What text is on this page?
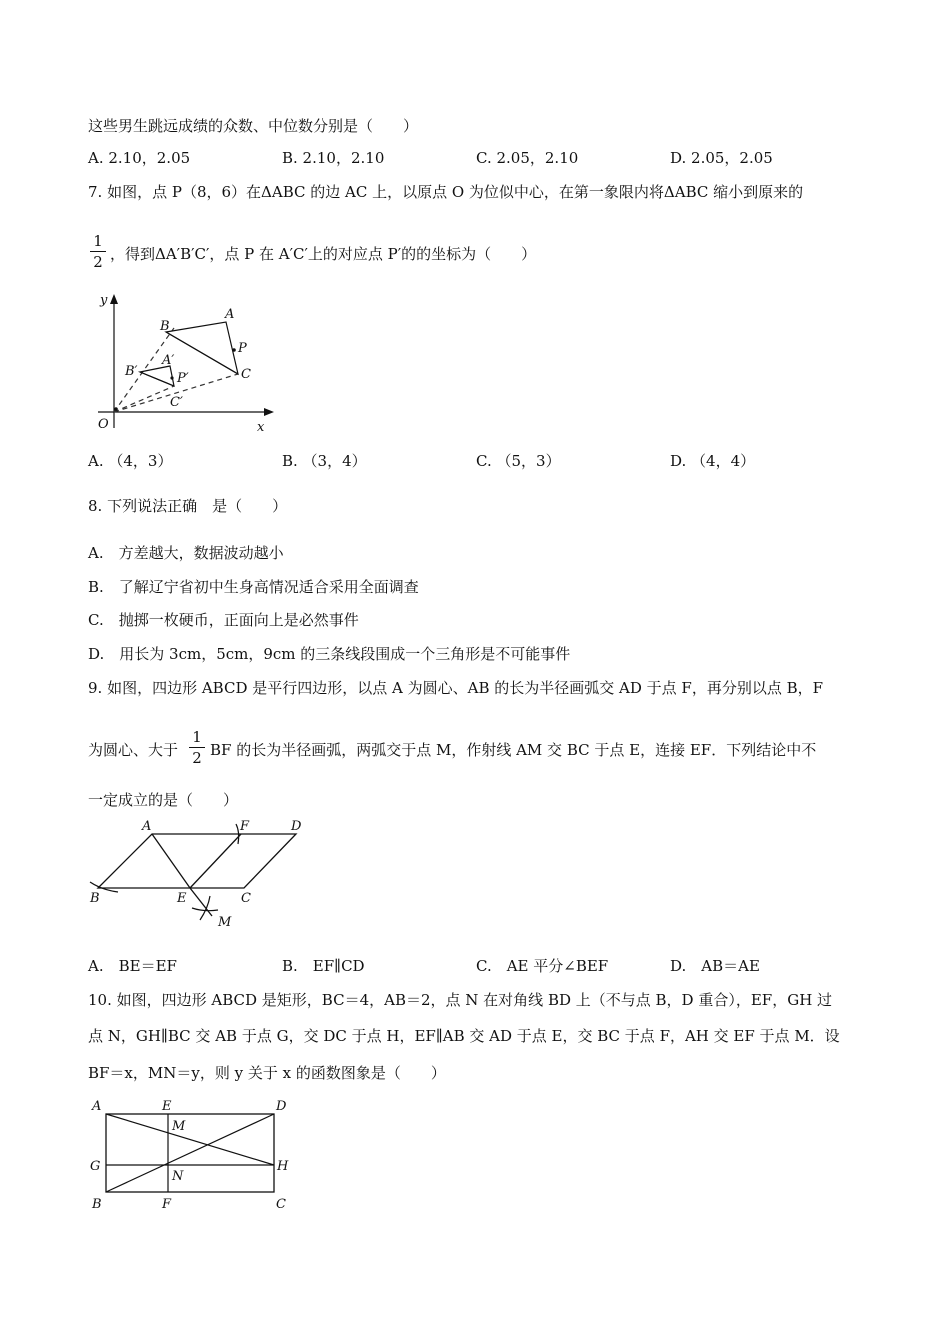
这些男生跳远成绩的众数、中位数分别是（　　）
A. 2.10，2.05	B. 2.10，2.10	C. 2.05，2.10	D. 2.05，2.05
7. 如图，点 P（8，6）在ΔABC 的边 AC 上，以原点 O 为位似中心，在第一象限内将ΔABC 缩小到原来的
1
2 ，得到ΔA′B′C′，点 P 在 A′C′上的对应点 P′的的坐标为（　　）
y
B
A
P
B′
A′
P′	C
C′
O	x
A. （4，3）	B. （3，4）	C. （5，3）	D. （4，4）
8. 下列说法正确　是（　　）
A.　方差越大，数据波动越小
B.　了解辽宁省初中生身高情况适合采用全面调查
C.　抛掷一枚硬币，正面向上是必然事件
D.　用长为 3cm，5cm，9cm 的三条线段围成一个三角形是不可能事件
9. 如图，四边形 ABCD 是平行四边形，以点 A 为圆心、AB 的长为半径画弧交 AD 于点 F，再分别以点 B，F
为圆心、大于
1
2 BF 的长为半径画弧，两弧交于点 M，作射线 AM 交 BC 于点 E，连接 EF．下列结论中不
一定成立的是（　　）
A	F	D
B	E	C
M
A.　BE＝EF	B.　EF∥CD	C.　AE 平分∠BEF	D.　AB＝AE
10. 如图，四边形 ABCD 是矩形，BC＝4，AB＝2，点 N 在对角线 BD 上（不与点 B，D 重合），EF，GH 过
点 N，GH∥BC 交 AB 于点 G，交 DC 于点 H，EF∥AB 交 AD 于点 E，交 BC 于点 F，AH 交 EF 于点 M．设
BF＝x，MN＝y，则 y 关于 x 的函数图象是（　　）
A	E	D
M
G	H
N
B	F	C
